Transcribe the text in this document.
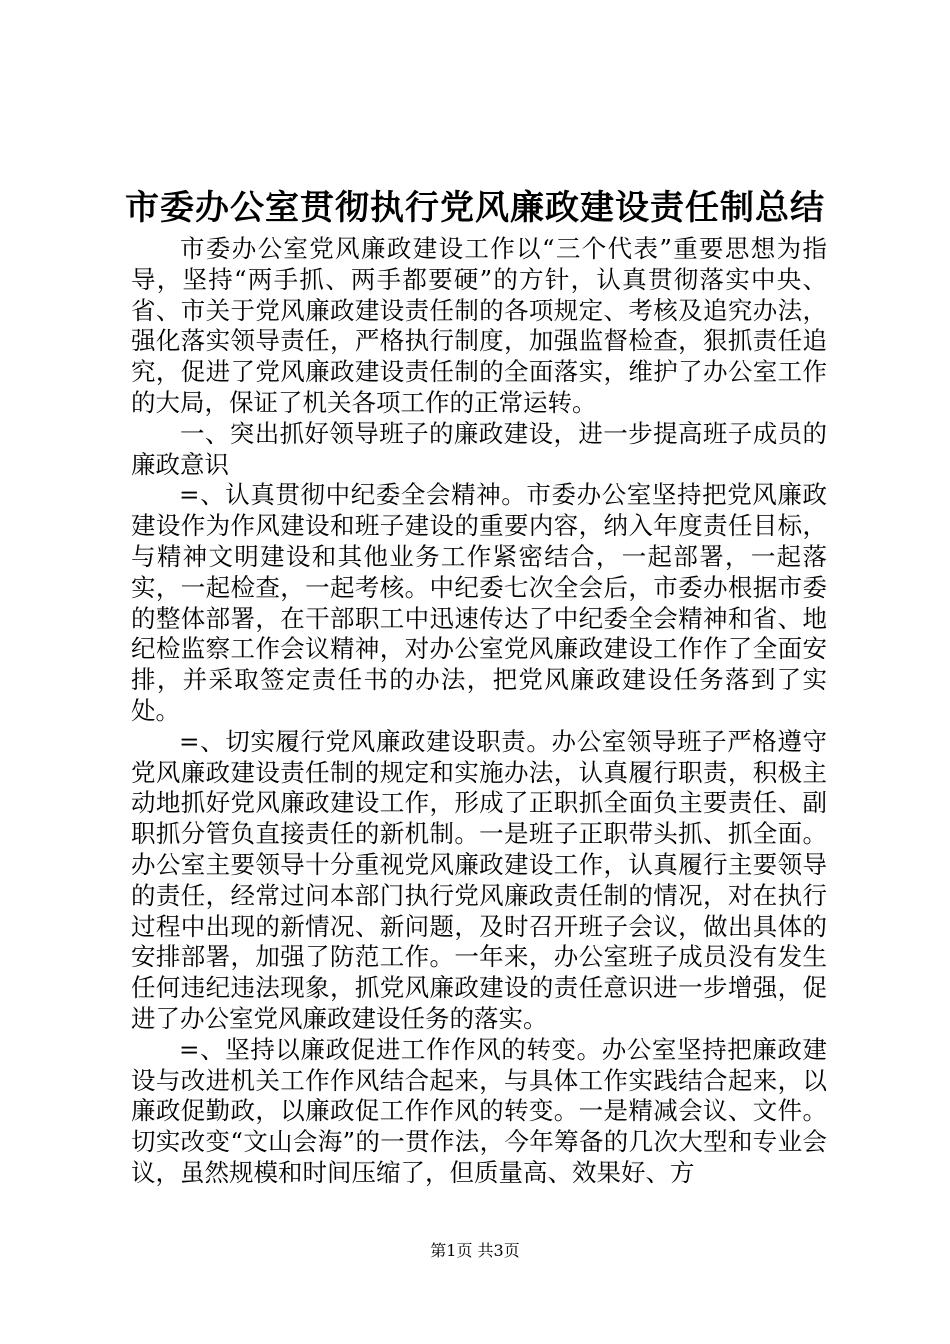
市委办公室贯彻执行党风廉政建设责任制总结

市委办公室党风廉政建设工作以“三个代表”重要思想为指导，坚持“两手抓、两手都要硬”的方针，认真贯彻落实中央、省、市关于党风廉政建设责任制的各项规定、考核及追究办法，强化落实领导责任，严格执行制度，加强监督检查，狠抓责任追究，促进了党风廉政建设责任制的全面落实，维护了办公室工作的大局，保证了机关各项工作的正常运转。

一、突出抓好领导班子的廉政建设，进一步提高班子成员的廉政意识

=、认真贯彻中纪委全会精神。市委办公室坚持把党风廉政建设作为作风建设和班子建设的重要内容，纳入年度责任目标，与精神文明建设和其他业务工作紧密结合，一起部署，一起落实，一起检查，一起考核。中纪委七次全会后，市委办根据市委的整体部署，在干部职工中迅速传达了中纪委全会精神和省、地纪检监察工作会议精神，对办公室党风廉政建设工作作了全面安排，并采取签定责任书的办法，把党风廉政建设任务落到了实处。

=、切实履行党风廉政建设职责。办公室领导班子严格遵守党风廉政建设责任制的规定和实施办法，认真履行职责，积极主动地抓好党风廉政建设工作，形成了正职抓全面负主要责任、副职抓分管负直接责任的新机制。一是班子正职带头抓、抓全面。办公室主要领导十分重视党风廉政建设工作，认真履行主要领导的责任，经常过问本部门执行党风廉政责任制的情况，对在执行过程中出现的新情况、新问题，及时召开班子会议，做出具体的安排部署，加强了防范工作。一年来，办公室班子成员没有发生任何违纪违法现象，抓党风廉政建设的责任意识进一步增强，促进了办公室党风廉政建设任务的落实。

=、坚持以廉政促进工作作风的转变。办公室坚持把廉政建设与改进机关工作作风结合起来，与具体工作实践结合起来，以廉政促勤政，以廉政促工作作风的转变。一是精减会议、文件。切实改变“文山会海”的一贯作法，今年筹备的几次大型和专业会议，虽然规模和时间压缩了，但质量高、效果好、方

第1页 共3页
